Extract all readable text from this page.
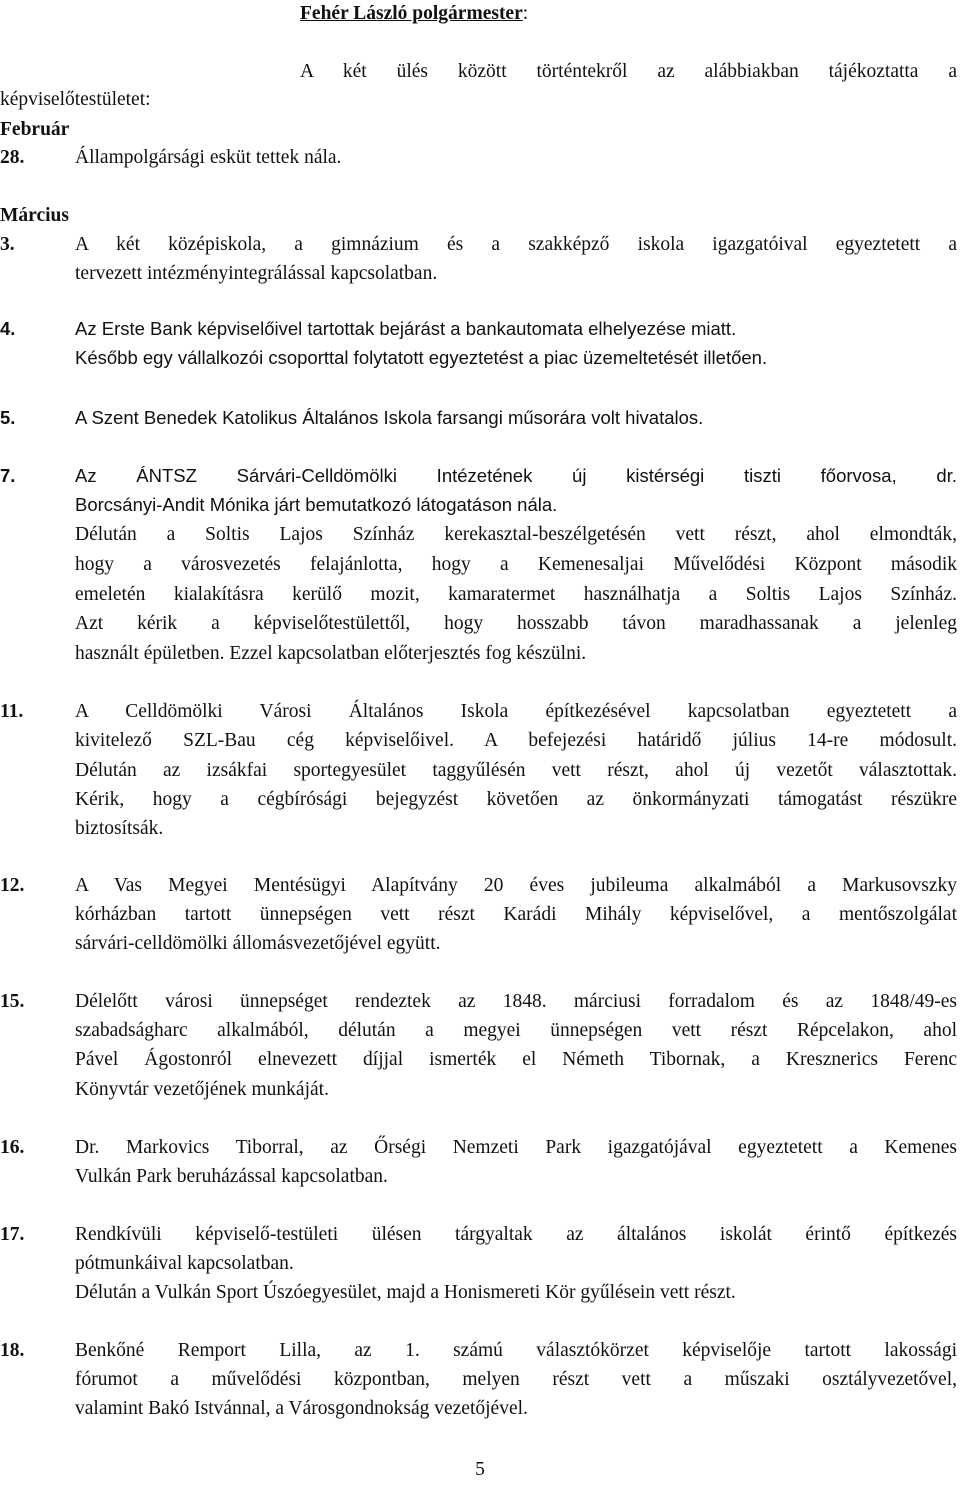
Fehér László polgármester:
A két ülés között történtekről az alábbiakban tájékoztatta a
képviselőtestületet:
Február
28.	Állampolgársági esküt tettek nála.
Március
3.	A két középiskola, a gimnázium és a szakképző iskola igazgatóival egyeztetett a
tervezett intézményintegrálással kapcsolatban.
4.	Az Erste Bank képviselőivel tartottak bejárást a bankautomata elhelyezése miatt.
Később egy vállalkozói csoporttal folytatott egyeztetést a piac üzemeltetését illetően.
5.	A Szent Benedek Katolikus Általános Iskola farsangi műsorára volt hivatalos.
7.	Az ÁNTSZ Sárvári-Celldömölki Intézetének új kistérségi tiszti főorvosa, dr.
Borcsányi-Andit Mónika járt bemutatkozó látogatáson nála.
Délután a Soltis Lajos Színház kerekasztal-beszélgetésén vett részt, ahol elmondták,
hogy a városvezetés felajánlotta, hogy a Kemenesaljai Művelődési Központ második
emeletén kialakításra kerülő mozit, kamaratermet használhatja a Soltis Lajos Színház.
Azt kérik a képviselőtestülettől, hogy hosszabb távon maradhassanak a jelenleg
használt épületben. Ezzel kapcsolatban előterjesztés fog készülni.
11.	A Celldömölki Városi Általános Iskola építkezésével kapcsolatban egyeztetett a
kivitelező SZL-Bau cég képviselőivel. A befejezési határidő július 14-re módosult.
Délután az izsákfai sportegyesület taggyűlésén vett részt, ahol új vezetőt választottak.
Kérik, hogy a cégbírósági bejegyzést követően az önkormányzati támogatást részükre
biztosítsák.
12.	A Vas Megyei Mentésügyi Alapítvány 20 éves jubileuma alkalmából a Markusovszky
kórházban tartott ünnepségen vett részt Karádi Mihály képviselővel, a mentőszolgálat
sárvári-celldömölki állomásvezetőjével együtt.
15.	Délelőtt városi ünnepséget rendeztek az 1848. márciusi forradalom és az 1848/49-es
szabadságharc alkalmából, délután a megyei ünnepségen vett részt Répcelakon, ahol
Pável Ágostonról elnevezett díjjal ismerték el Németh Tibornak, a Kresznerics Ferenc
Könyvtár vezetőjének munkáját.
16.	Dr. Markovics Tiborral, az Őrségi Nemzeti Park igazgatójával egyeztetett a Kemenes
Vulkán Park beruházással kapcsolatban.
17.	Rendkívüli képviselő-testületi ülésen tárgyaltak az általános iskolát érintő építkezés
pótmunkáival kapcsolatban.
Délután a Vulkán Sport Úszóegyesület, majd a Honismereti Kör gyűlésein vett részt.
18.	Benkőné Remport Lilla, az 1. számú választókörzet képviselője tartott lakossági
fórumot a művelődési központban, melyen részt vett a műszaki osztályvezetővel,
valamint Bakó Istvánnal, a Városgondnokság vezetőjével.
5
